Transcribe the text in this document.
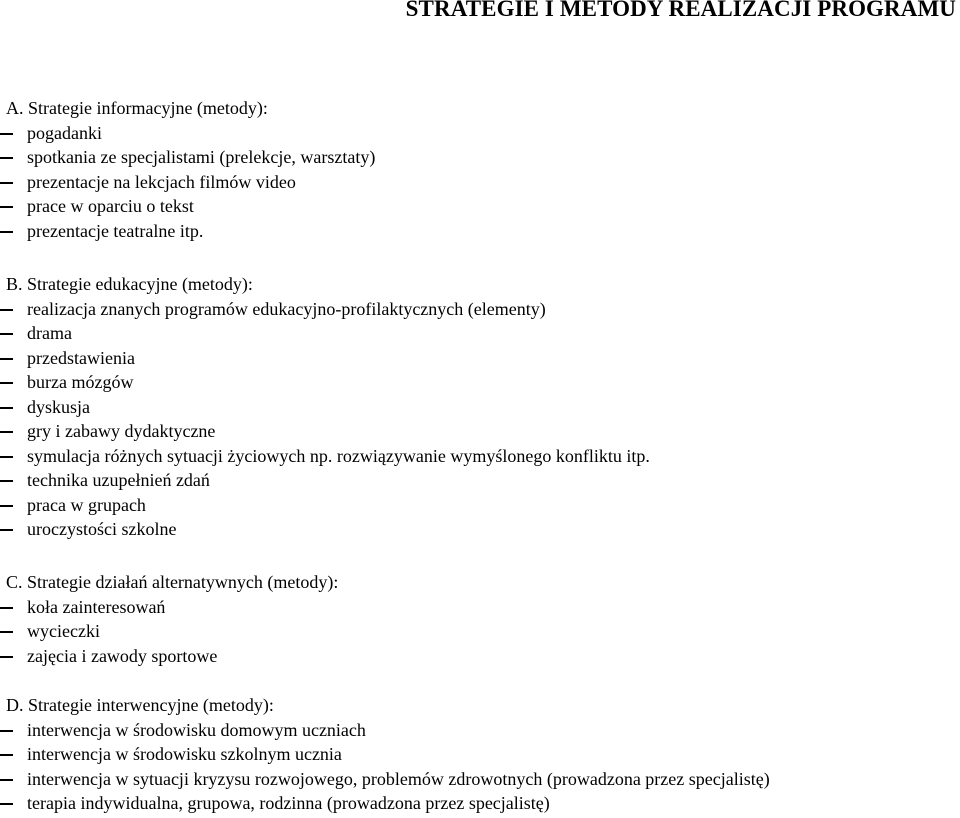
STRATEGIE I METODY REALIZACJI PROGRAMU

A. Strategie informacyjne (metody):

pogadanki
spotkania ze specjalistami (prelekcje, warsztaty)
prezentacje na lekcjach filmów video
prace w oparciu o tekst
prezentacje teatralne itp.

B. Strategie edukacyjne (metody):

realizacja znanych programów edukacyjno-profilaktycznych (elementy)
drama
przedstawienia
burza mózgów
dyskusja
gry i zabawy dydaktyczne
symulacja różnych sytuacji życiowych np. rozwiązywanie wymyślonego konfliktu itp.
technika uzupełnień zdań
praca w grupach
uroczystości szkolne

C. Strategie działań alternatywnych (metody):

koła zainteresowań
wycieczki
zajęcia i zawody sportowe

D. Strategie interwencyjne (metody):

interwencja w środowisku domowym uczniach
interwencja w środowisku szkolnym ucznia
interwencja w sytuacji kryzysu rozwojowego, problemów zdrowotnych (prowadzona przez specjalistę)
terapia indywidualna, grupowa, rodzinna (prowadzona przez specjalistę)
